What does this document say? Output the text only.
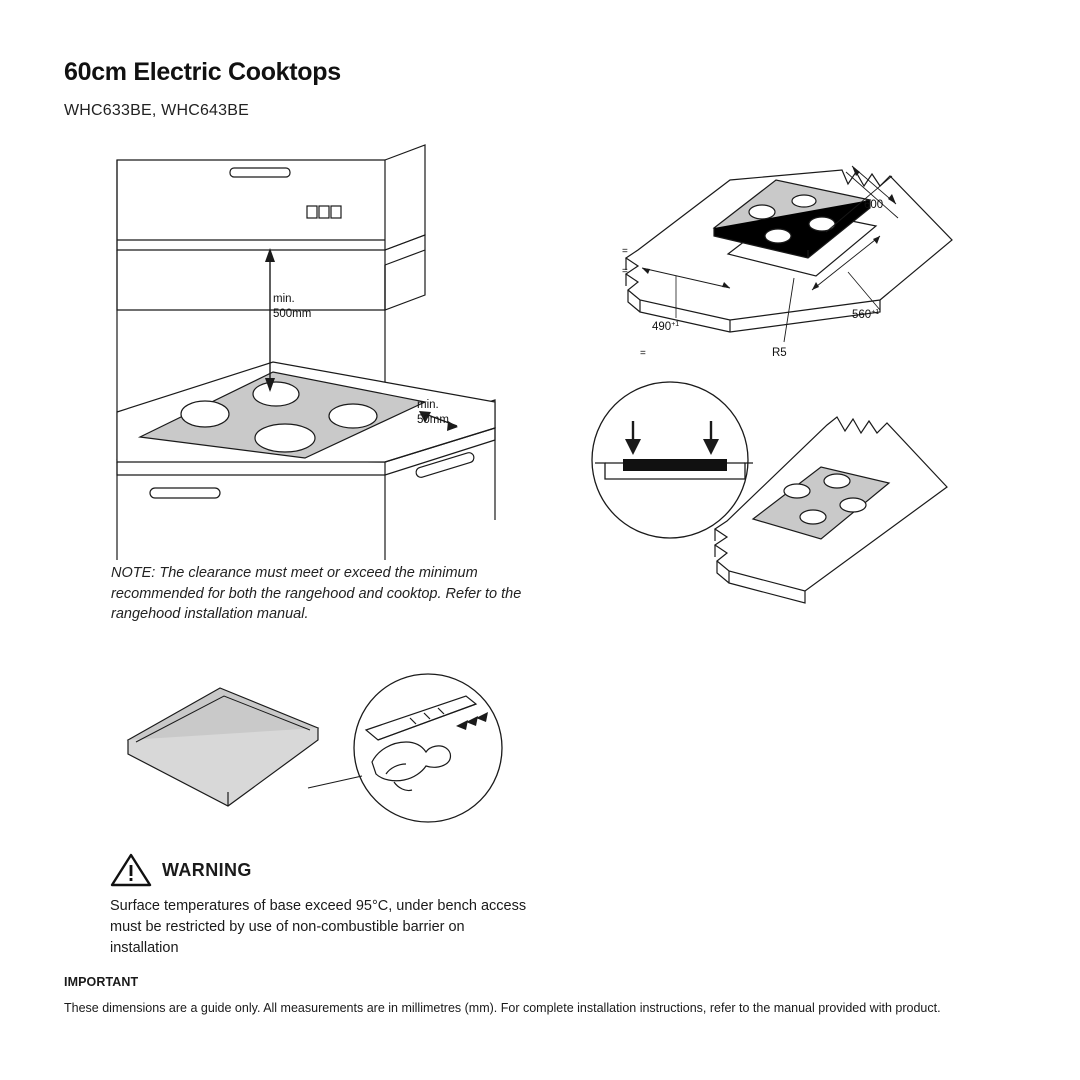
60cm Electric Cooktops
WHC633BE, WHC643BE
min.
500mm
min.
50mm
600
$560^{+1}$
$490^{+1}$
R5
=
=
=
NOTE: The clearance must meet or exceed the minimum recommended for both the rangehood and cooktop. Refer to the rangehood installation manual.
WARNING
Surface temperatures of base exceed 95°C, under bench access must be restricted by use of non-combustible barrier on installation
IMPORTANT
These dimensions are a guide only. All measurements are in millimetres (mm). For complete installation instructions, refer to the manual provided with product.
